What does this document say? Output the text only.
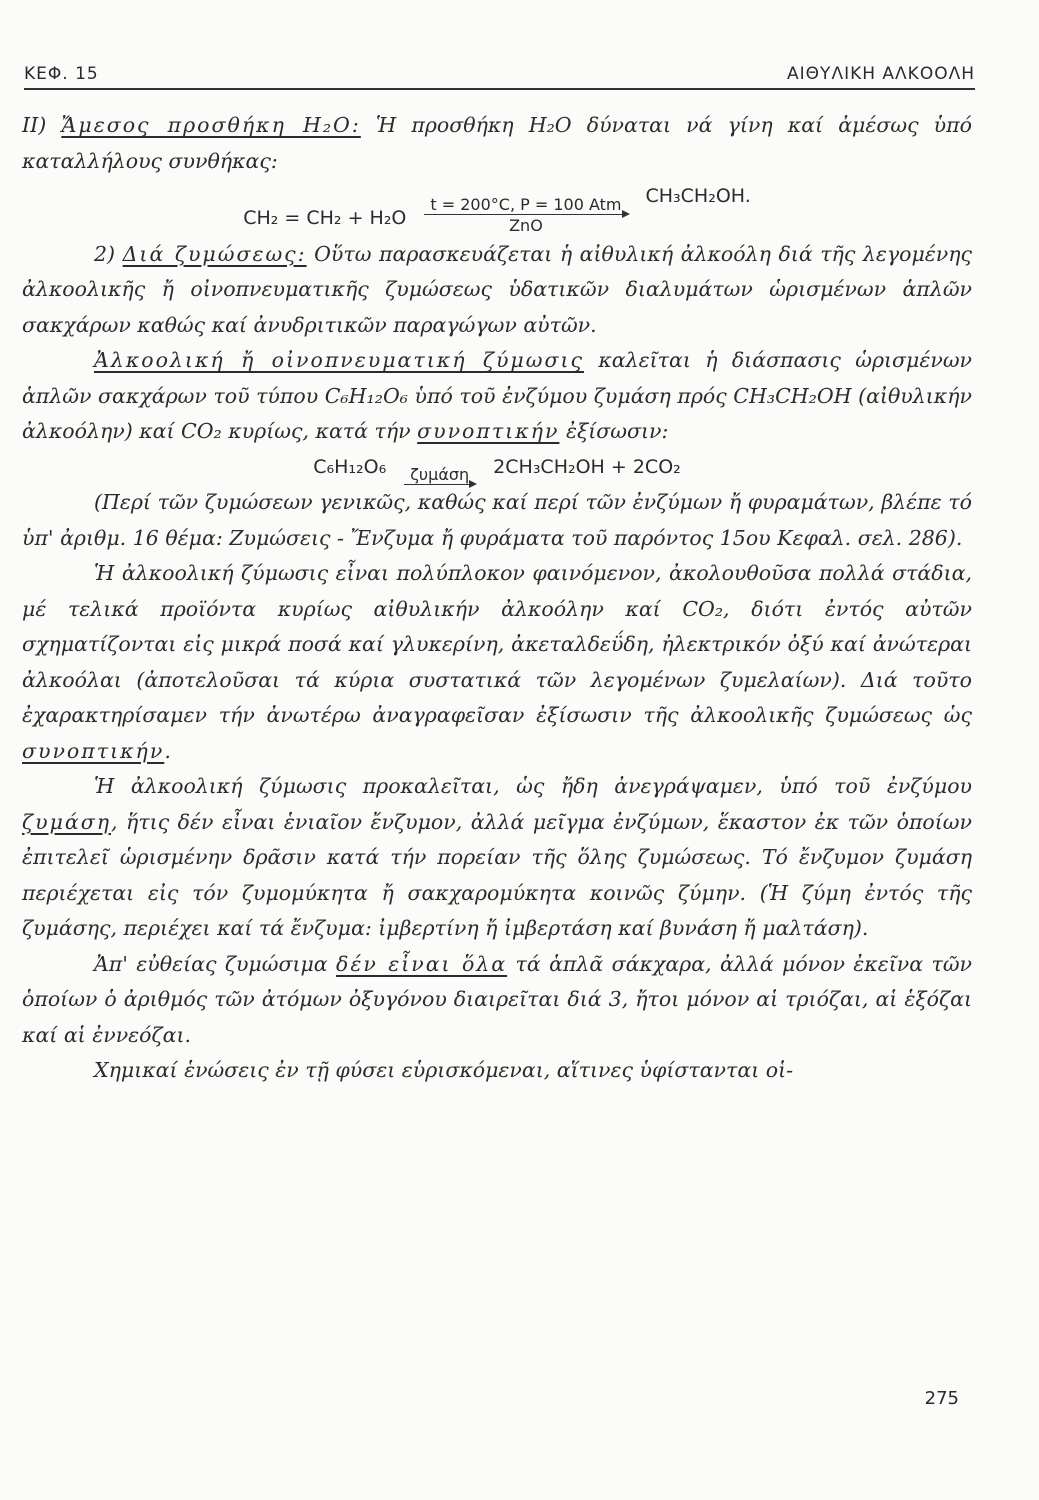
ΚΕΦ. 15	ΑΙΘΥΛΙΚΗ ΑΛΚΟΟΛΗ

II) Ἄμεσος προσθήκη H₂O: Ἡ προσθήκη H₂O δύναται νά γίνη καί ἀμέσως ὑπό καταλλήλους συνθήκας:

CH₂ = CH₂ + H₂O
t = 200°C, P = 100 Atm
ZnO
CH₃CH₂OH.

2) Διά ζυμώσεως: Οὕτω παρασκευάζεται ἡ αἰθυλική ἀλκοόλη διά τῆς λεγομένης ἀλκοολικῆς ἤ οἰνοπνευματικῆς ζυμώσεως ὑδατικῶν διαλυμάτων ὡρισμένων ἁπλῶν σακχάρων καθώς καί ἀνυδριτικῶν παραγώγων αὐτῶν.

Ἀλκοολική ἤ οἰνοπνευματική ζύμωσις καλεῖται ἡ διάσπασις ὡρισμένων ἁπλῶν σακχάρων τοῦ τύπου C₆H₁₂O₆ ὑπό τοῦ ἐνζύμου ζυμάση πρός CH₃CH₂OH (αἰθυλικήν ἀλκοόλην) καί CO₂ κυρίως, κατά τήν συνοπτικήν ἐξίσωσιν:

C₆H₁₂O₆	ζυμάση	2CH₃CH₂OH + 2CO₂

(Περί τῶν ζυμώσεων γενικῶς, καθώς καί περί τῶν ἐνζύμων ἤ φυραμάτων, βλέπε τό ὑπ' ἀριθμ. 16 θέμα: Ζυμώσεις - Ἔνζυμα ἤ φυράματα τοῦ παρόντος 15ου Κεφαλ. σελ. 286).

Ἡ ἀλκοολική ζύμωσις εἶναι πολύπλοκον φαινόμενον, ἀκολουθοῦσα πολλά στάδια, μέ τελικά προϊόντα κυρίως αἰθυλικήν ἀλκοόλην καί CO₂, διότι ἐντός αὐτῶν σχηματίζονται εἰς μικρά ποσά καί γλυκερίνη, ἀκεταλδεΰδη, ἠλεκτρικόν ὀξύ καί ἀνώτεραι ἀλκοόλαι (ἀποτελοῦσαι τά κύρια συστατικά τῶν λεγομένων ζυμελαίων). Διά τοῦτο ἐχαρακτηρίσαμεν τήν ἀνωτέρω ἀναγραφεῖσαν ἐξίσωσιν τῆς ἀλκοολικῆς ζυμώσεως ὡς συνοπτικήν.

Ἡ ἀλκοολική ζύμωσις προκαλεῖται, ὡς ἤδη ἀνεγράψαμεν, ὑπό τοῦ ἐνζύμου ζυμάση, ἥτις δέν εἶναι ἑνιαῖον ἔνζυμον, ἀλλά μεῖγμα ἐνζύμων, ἕκαστον ἐκ τῶν ὁποίων ἐπιτελεῖ ὡρισμένην δρᾶσιν κατά τήν πορείαν τῆς ὅλης ζυμώσεως. Τό ἔνζυμον ζυμάση περιέχεται εἰς τόν ζυμομύκητα ἤ σακχαρομύκητα κοινῶς ζύμην. (Ἡ ζύμη ἐντός τῆς ζυμάσης, περιέχει καί τά ἔνζυμα: ἰμβερτίνη ἤ ἰμβερτάση καί βυνάση ἤ μαλτάση).

Ἀπ' εὐθείας ζυμώσιμα δέν εἶναι ὅλα τά ἁπλᾶ σάκχαρα, ἀλλά μόνον ἐκεῖνα τῶν ὁποίων ὁ ἀριθμός τῶν ἀτόμων ὀξυγόνου διαιρεῖται διά 3, ἤτοι μόνον αἱ τριόζαι, αἱ ἑξόζαι καί αἱ ἐννεόζαι.

Χημικαί ἑνώσεις ἐν τῇ φύσει εὑρισκόμεναι, αἵτινες ὑφίστανται οἱ-

275
